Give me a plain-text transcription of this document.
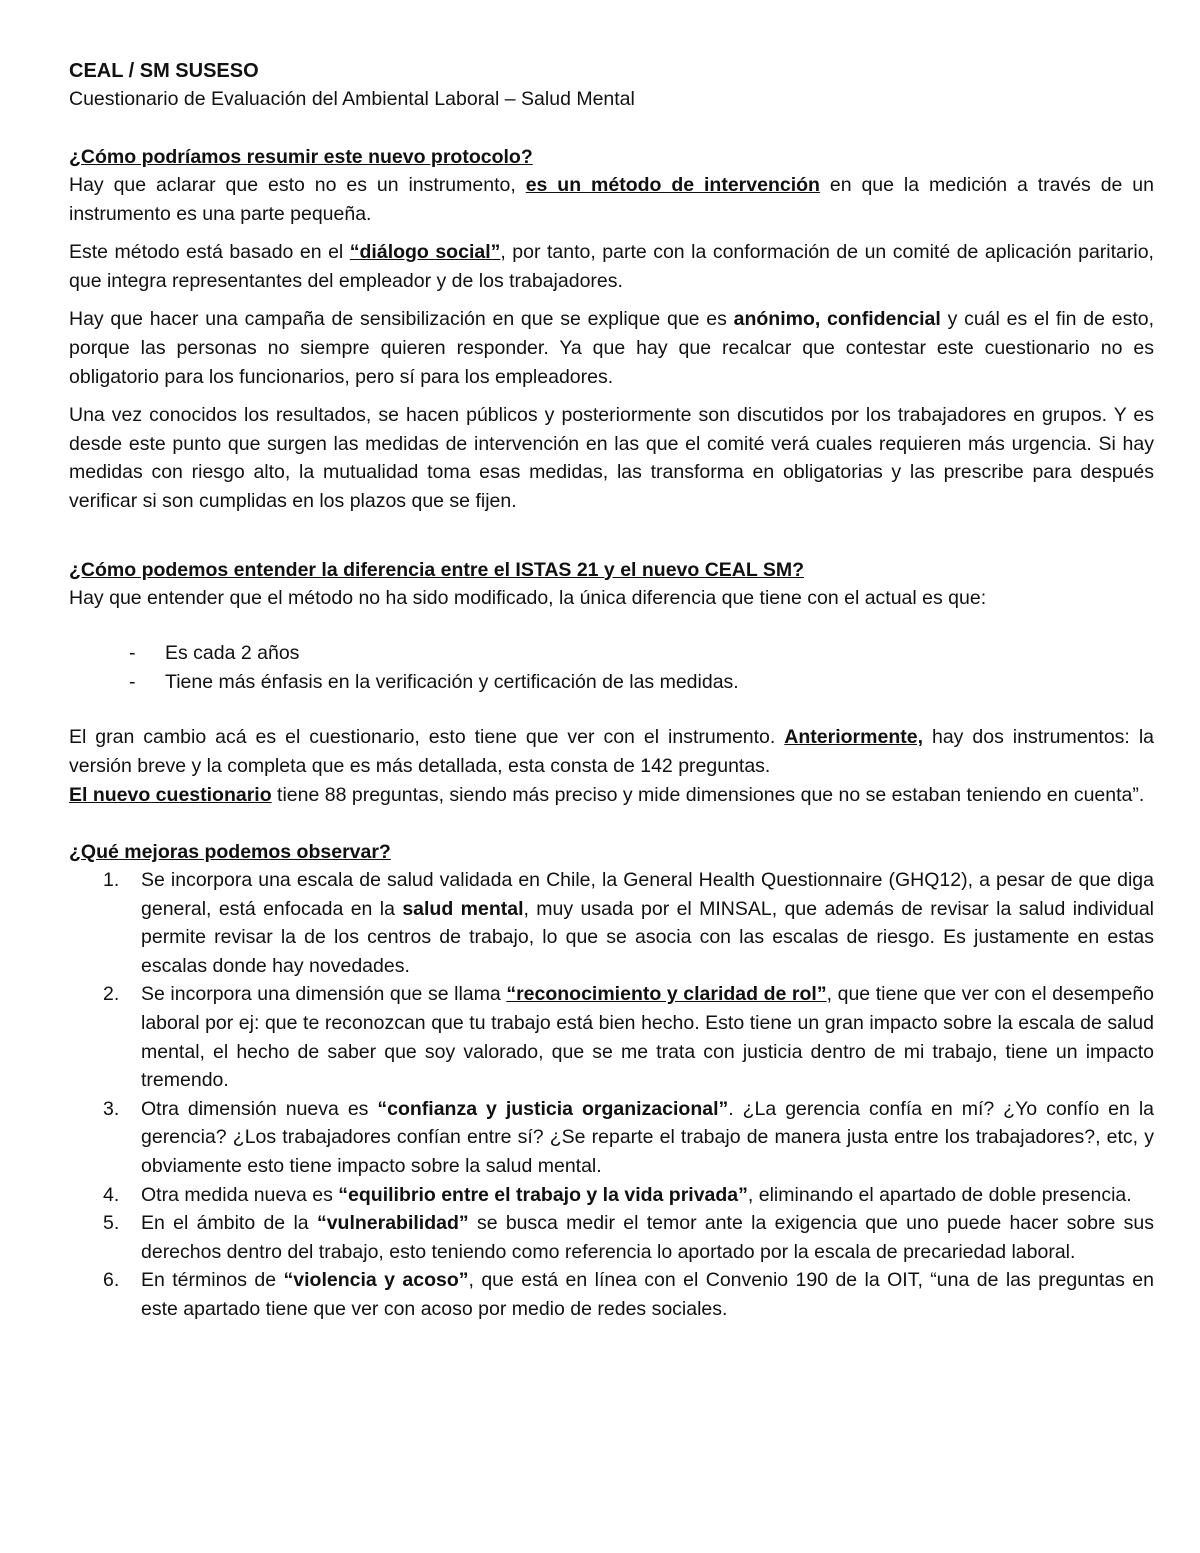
CEAL / SM SUSESO
Cuestionario de Evaluación del Ambiental Laboral – Salud Mental
¿Cómo podríamos resumir este nuevo protocolo?

Hay que aclarar que esto no es un instrumento, es un método de intervención en que la medición a través de un instrumento es una parte pequeña.

Este método está basado en el “diálogo social”, por tanto, parte con la conformación de un comité de aplicación paritario, que integra representantes del empleador y de los trabajadores.

Hay que hacer una campaña de sensibilización en que se explique que es anónimo, confidencial y cuál es el fin de esto, porque las personas no siempre quieren responder. Ya que hay que recalcar que contestar este cuestionario no es obligatorio para los funcionarios, pero sí para los empleadores.

Una vez conocidos los resultados, se hacen públicos y posteriormente son discutidos por los trabajadores en grupos. Y es desde este punto que surgen las medidas de intervención en las que el comité verá cuales requieren más urgencia. Si hay medidas con riesgo alto, la mutualidad toma esas medidas, las transforma en obligatorias y las prescribe para después verificar si son cumplidas en los plazos que se fijen.

¿Cómo podemos entender la diferencia entre el ISTAS 21 y el nuevo CEAL SM?

Hay que entender que el método no ha sido modificado, la única diferencia que tiene con el actual es que:

- Es cada 2 años
- Tiene más énfasis en la verificación y certificación de las medidas.

El gran cambio acá es el cuestionario, esto tiene que ver con el instrumento. Anteriormente, hay dos instrumentos: la versión breve y la completa que es más detallada, esta consta de 142 preguntas.

El nuevo cuestionario tiene 88 preguntas, siendo más preciso y mide dimensiones que no se estaban teniendo en cuenta”.

¿Qué mejoras podemos observar?
1. Se incorpora una escala de salud validada en Chile, la General Health Questionnaire (GHQ12), a pesar de que diga general, está enfocada en la salud mental, muy usada por el MINSAL, que además de revisar la salud individual permite revisar la de los centros de trabajo, lo que se asocia con las escalas de riesgo. Es justamente en estas escalas donde hay novedades.
2. Se incorpora una dimensión que se llama “reconocimiento y claridad de rol”, que tiene que ver con el desempeño laboral por ej: que te reconozcan que tu trabajo está bien hecho. Esto tiene un gran impacto sobre la escala de salud mental, el hecho de saber que soy valorado, que se me trata con justicia dentro de mi trabajo, tiene un impacto tremendo.
3. Otra dimensión nueva es “confianza y justicia organizacional”. ¿La gerencia confía en mí? ¿Yo confío en la gerencia? ¿Los trabajadores confían entre sí? ¿Se reparte el trabajo de manera justa entre los trabajadores?, etc, y obviamente esto tiene impacto sobre la salud mental.
4. Otra medida nueva es “equilibrio entre el trabajo y la vida privada”, eliminando el apartado de doble presencia.
5. En el ámbito de la “vulnerabilidad” se busca medir el temor ante la exigencia que uno puede hacer sobre sus derechos dentro del trabajo, esto teniendo como referencia lo aportado por la escala de precariedad laboral.
6. En términos de “violencia y acoso”, que está en línea con el Convenio 190 de la OIT, “una de las preguntas en este apartado tiene que ver con acoso por medio de redes sociales.
